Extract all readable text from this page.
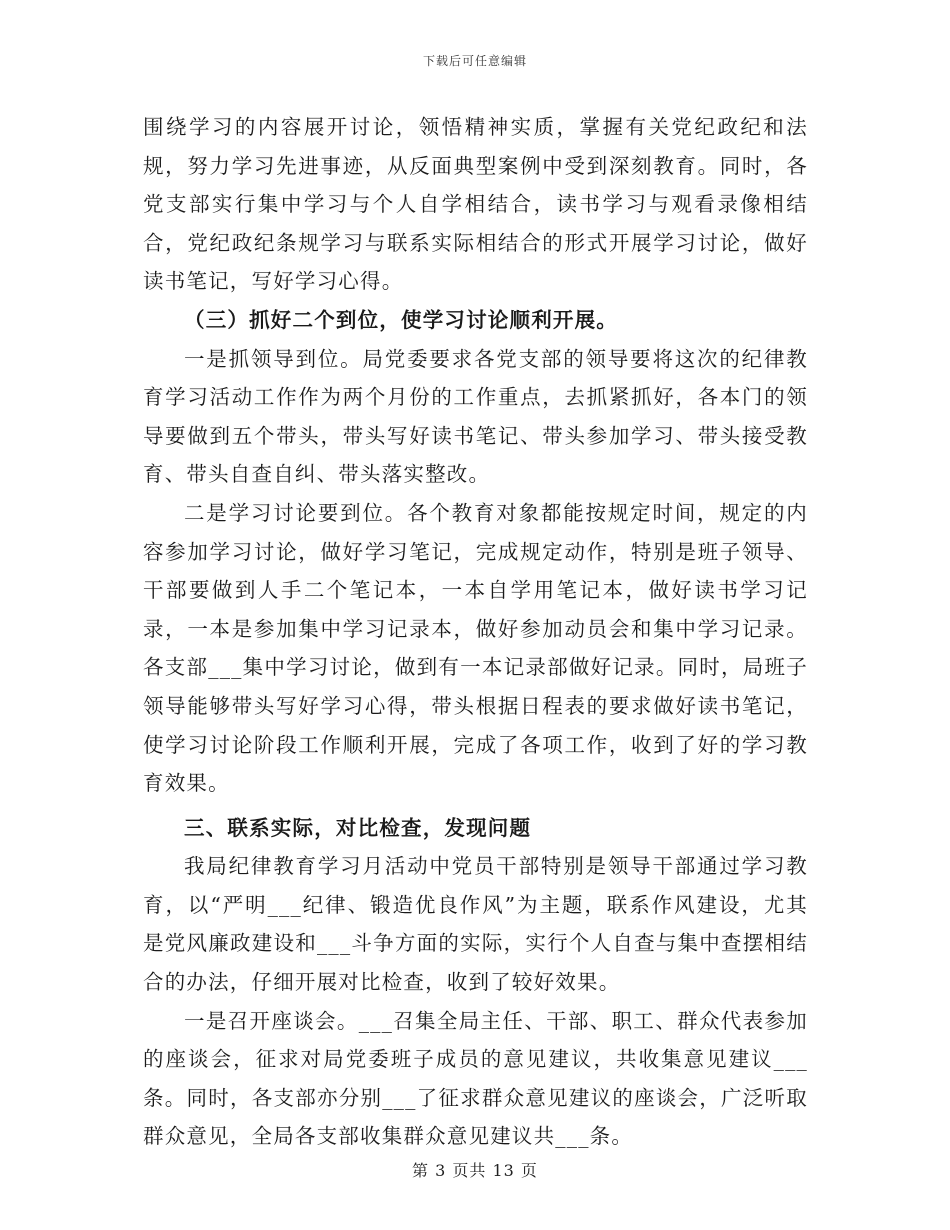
下载后可任意编辑

围绕学习的内容展开讨论，领悟精神实质，掌握有关党纪政纪和法规，努力学习先进事迹，从反面典型案例中受到深刻教育。同时，各党支部实行集中学习与个人自学相结合，读书学习与观看录像相结合，党纪政纪条规学习与联系实际相结合的形式开展学习讨论，做好读书笔记，写好学习心得。

（三）抓好二个到位，使学习讨论顺利开展。

一是抓领导到位。局党委要求各党支部的领导要将这次的纪律教育学习活动工作作为两个月份的工作重点，去抓紧抓好，各本门的领导要做到五个带头，带头写好读书笔记、带头参加学习、带头接受教育、带头自查自纠、带头落实整改。

二是学习讨论要到位。各个教育对象都能按规定时间，规定的内容参加学习讨论，做好学习笔记，完成规定动作，特别是班子领导、干部要做到人手二个笔记本，一本自学用笔记本，做好读书学习记录，一本是参加集中学习记录本，做好参加动员会和集中学习记录。各支部___集中学习讨论，做到有一本记录部做好记录。同时，局班子领导能够带头写好学习心得，带头根据日程表的要求做好读书笔记，使学习讨论阶段工作顺利开展，完成了各项工作，收到了好的学习教育效果。

三、联系实际，对比检查，发现问题

我局纪律教育学习月活动中党员干部特别是领导干部通过学习教育，以“严明___纪律、锻造优良作风”为主题，联系作风建设，尤其是党风廉政建设和___斗争方面的实际，实行个人自查与集中查摆相结合的办法，仔细开展对比检查，收到了较好效果。

一是召开座谈会。___召集全局主任、干部、职工、群众代表参加的座谈会，征求对局党委班子成员的意见建议，共收集意见建议___条。同时，各支部亦分别___了征求群众意见建议的座谈会，广泛听取群众意见，全局各支部收集群众意见建议共___条。

第 3 页共 13 页
